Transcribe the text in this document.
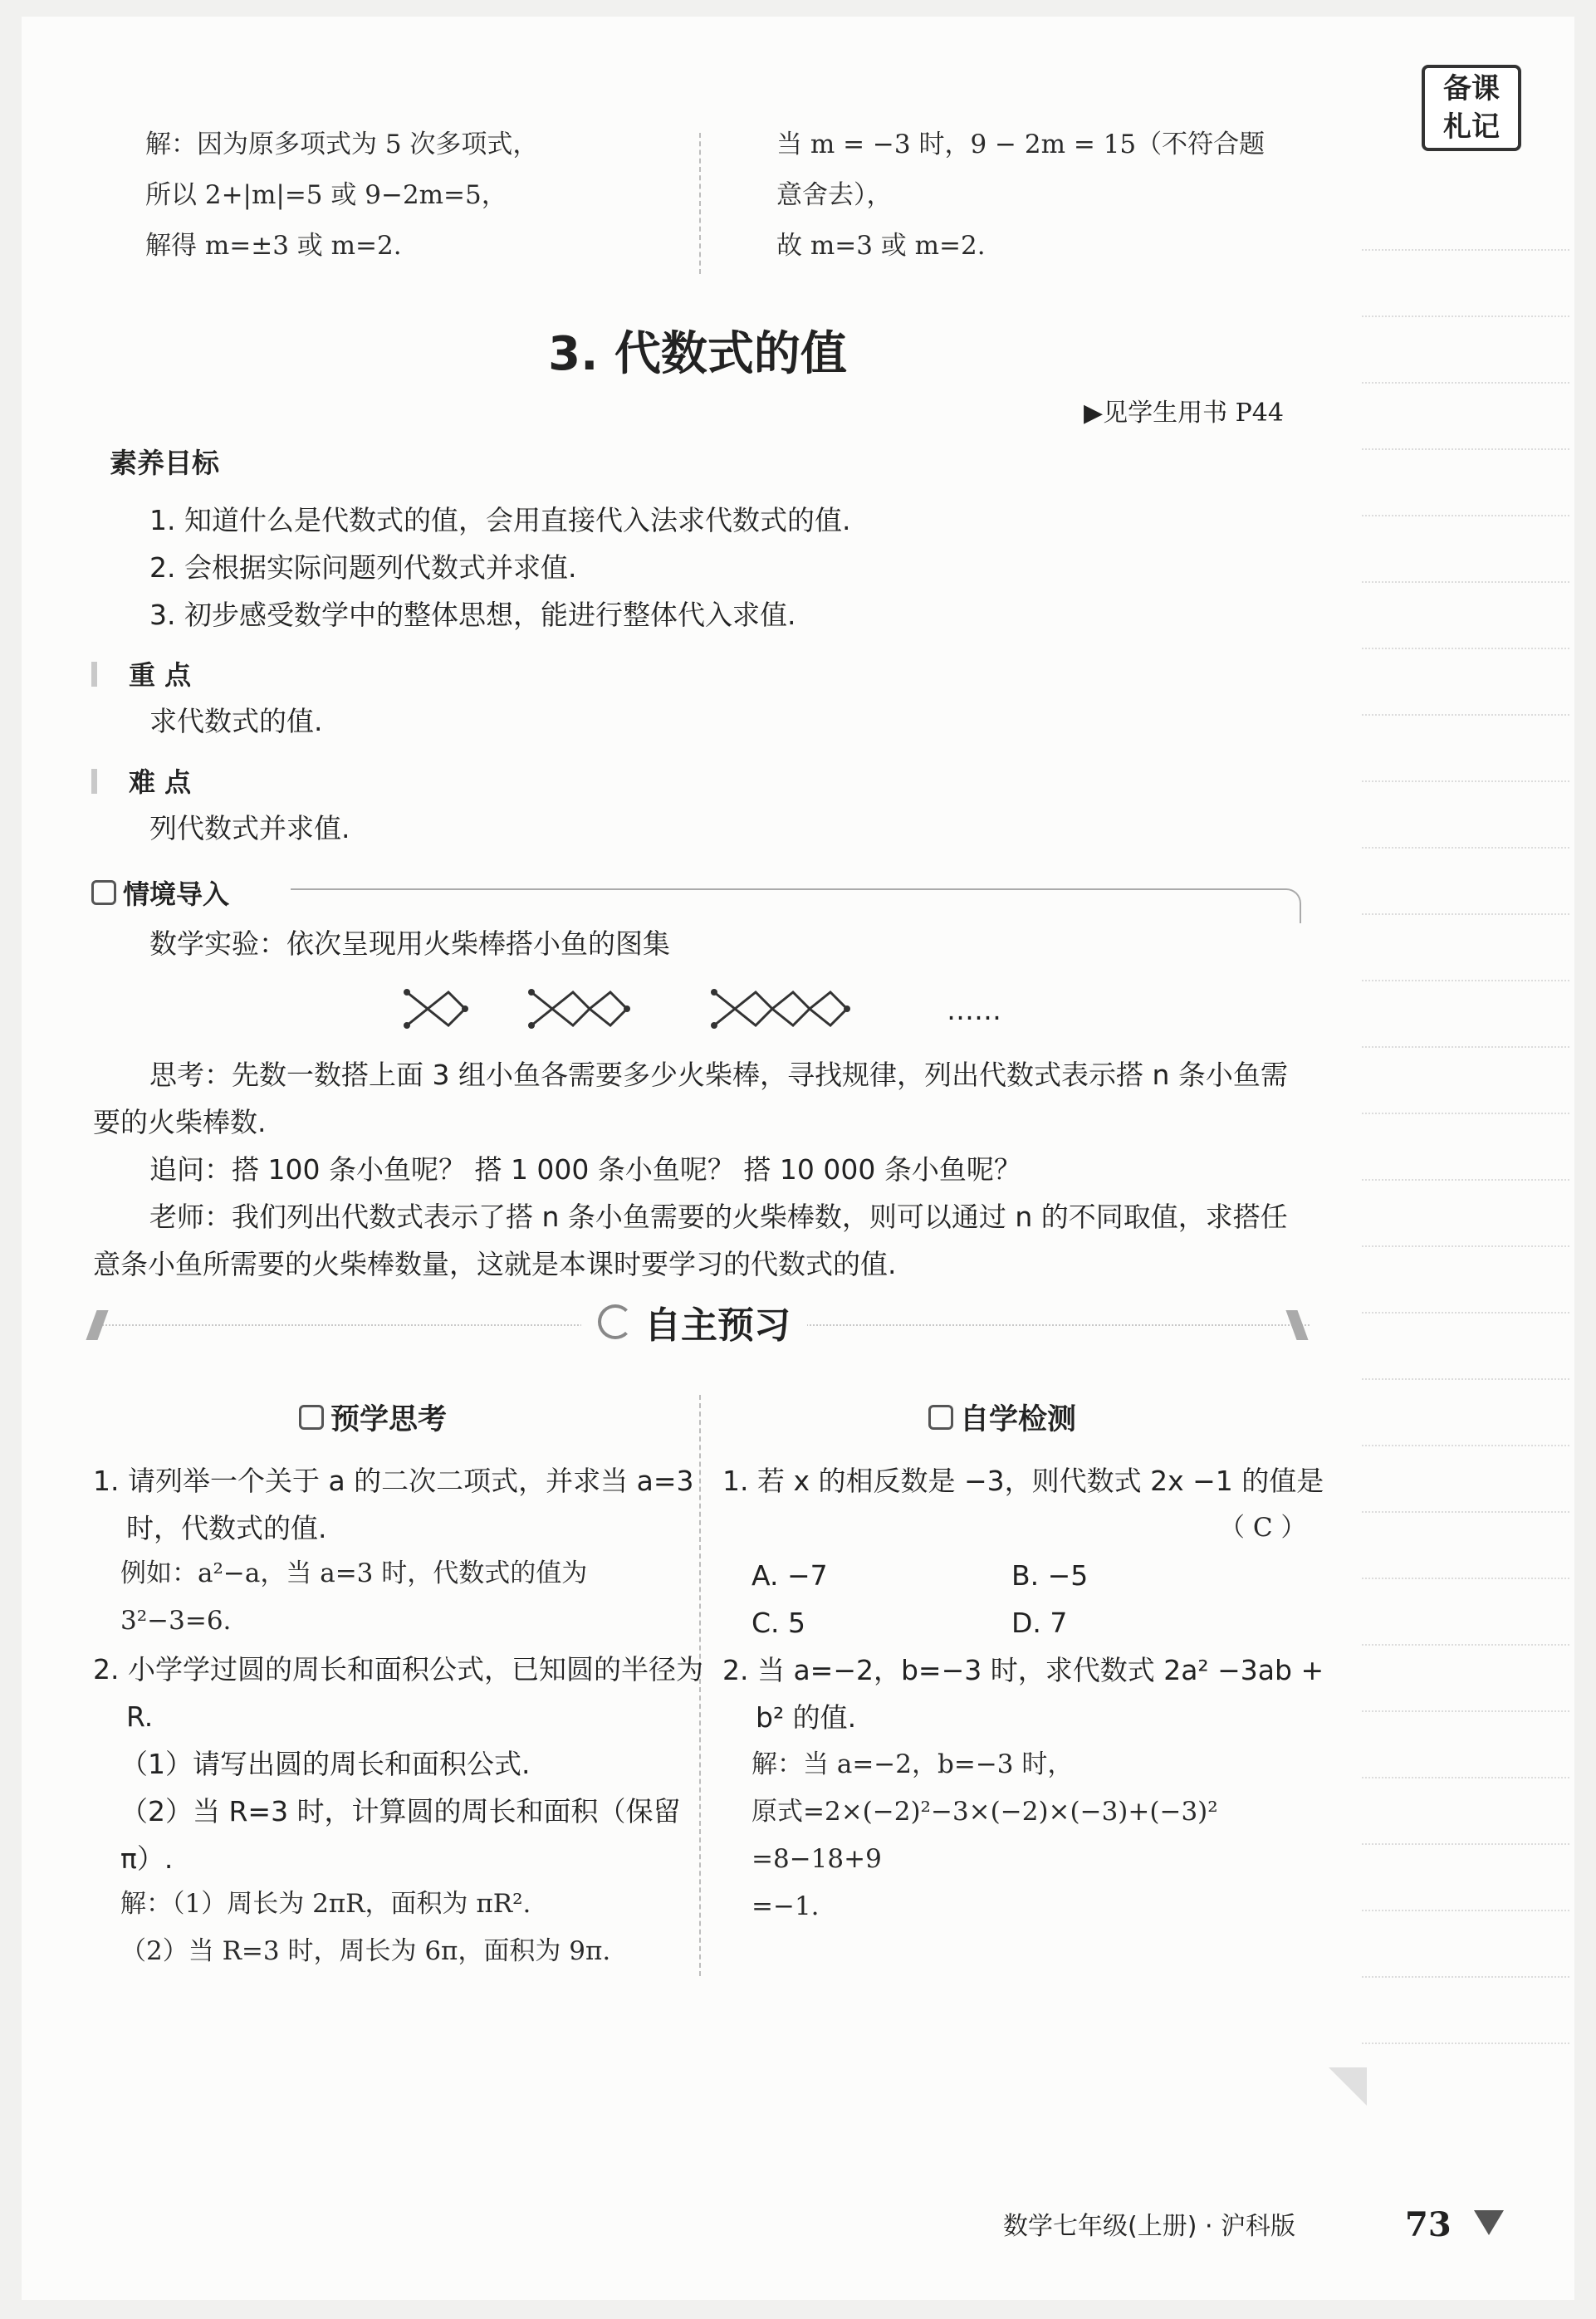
备课
札记
解：因为原多项式为 5 次多项式，
所以 2+|m|=5 或 9−2m=5，
解得 m=±3 或 m=2.
当 m = −3 时，9 − 2m = 15（不符合题
意舍去），
故 m=3 或 m=2.
3. 代数式的值
▶见学生用书 P44
素养目标
1. 知道什么是代数式的值，会用直接代入法求代数式的值.
2. 会根据实际问题列代数式并求值.
3. 初步感受数学中的整体思想，能进行整体代入求值.
重 点
求代数式的值.
难 点
列代数式并求值.
情境导入
数学实验：依次呈现用火柴棒搭小鱼的图集
……
思考：先数一数搭上面 3 组小鱼各需要多少火柴棒，寻找规律，列出代数式表示搭 n 条小鱼需要的火柴棒数.
追问：搭 100 条小鱼呢？ 搭 1 000 条小鱼呢？ 搭 10 000 条小鱼呢？
老师：我们列出代数式表示了搭 n 条小鱼需要的火柴棒数，则可以通过 n 的不同取值，求搭任意条小鱼所需要的火柴棒数量，这就是本课时要学习的代数式的值.
自主预习
预学思考
1. 请列举一个关于 a 的二次二项式，并求当 a=3 时，代数式的值.
例如：a²−a，当 a=3 时，代数式的值为 3²−3=6.
2. 小学学过圆的周长和面积公式，已知圆的半径为 R.
（1）请写出圆的周长和面积公式.
（2）当 R=3 时，计算圆的周长和面积（保留 π）.
解：（1）周长为 2πR，面积为 πR².
（2）当 R=3 时，周长为 6π，面积为 9π.
自学检测
1. 若 x 的相反数是 −3，则代数式 2x −1 的值是
（ C ）
A. −7	B. −5
C. 5	D. 7
2. 当 a=−2，b=−3 时，求代数式 2a² −3ab + b² 的值.
解：当 a=−2，b=−3 时，
原式=2×(−2)²−3×(−2)×(−3)+(−3)²
=8−18+9
=−1.
数学七年级(上册) · 沪科版	73
